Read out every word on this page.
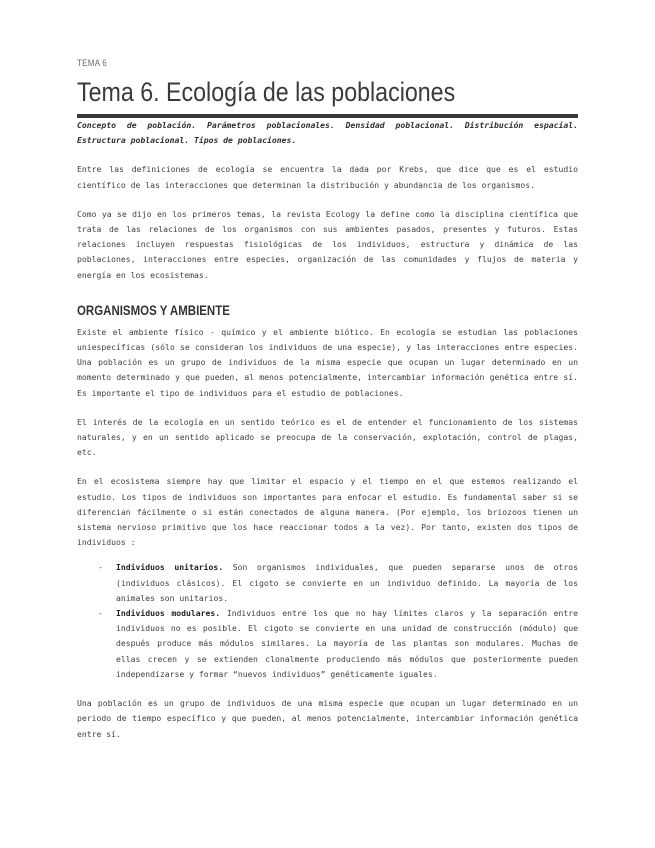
TEMA 6
Tema 6. Ecología de las poblaciones

Concepto de población. Parámetros poblacionales. Densidad poblacional. Distribución espacial. Estructura poblacional. Tipos de poblaciones.

Entre las definiciones de ecología se encuentra la dada por Krebs, que dice que es el estudio científico de las interacciones que determinan la distribución y abundancia de los organismos.

Como ya se dijo en los primeros temas, la revista Ecology la define como la disciplina científica que trata de las relaciones de los organismos con sus ambientes pasados, presentes y futuros. Estas relaciones incluyen respuestas fisiológicas de los individuos, estructura y dinámica de las poblaciones, interacciones entre especies, organización de las comunidades y flujos de materia y energía en los ecosistemas.

ORGANISMOS Y AMBIENTE

Existe el ambiente físico - químico y el ambiente biótico. En ecología se estudian las poblaciones uniespecíficas (sólo se consideran los individuos de una especie), y las interacciones entre especies. Una población es un grupo de individuos de la misma especie que ocupan un lugar determinado en un momento determinado y que pueden, al menos potencialmente, intercambiar información genética entre sí. Es importante el tipo de individuos para el estudio de poblaciones.

El interés de la ecología en un sentido teórico es el de entender el funcionamiento de los sistemas naturales, y en un sentido aplicado se preocupa de la conservación, explotación, control de plagas, etc.

En el ecosistema siempre hay que limitar el espacio y el tiempo en el que estemos realizando el estudio. Los tipos de individuos son importantes para enfocar el estudio. Es fundamental saber si se diferencian fácilmente o si están conectados de alguna manera. (Por ejemplo, los briozoos tienen un sistema nervioso primitivo que los hace reaccionar todos a la vez). Por tanto, existen dos tipos de individuos :

- Individuos unitarios. Son organismos individuales, que pueden separarse unos de otros (individuos clásicos). El cigoto se convierte en un individuo definido. La mayoría de los animales son unitarios.
- Individuos modulares. Individuos entre los que no hay límites claros y la separación entre individuos no es posible. El cigoto se convierte en una unidad de construcción (módulo) que después produce más módulos similares. La mayoría de las plantas son modulares. Muchas de ellas crecen y se extienden clonalmente produciendo más módulos que posteriormente pueden independizarse y formar “nuevos individuos” genéticamente iguales.

Una población es un grupo de individuos de una misma especie que ocupan un lugar determinado en un periodo de tiempo específico y que pueden, al menos potencialmente, intercambiar información genética entre sí.
